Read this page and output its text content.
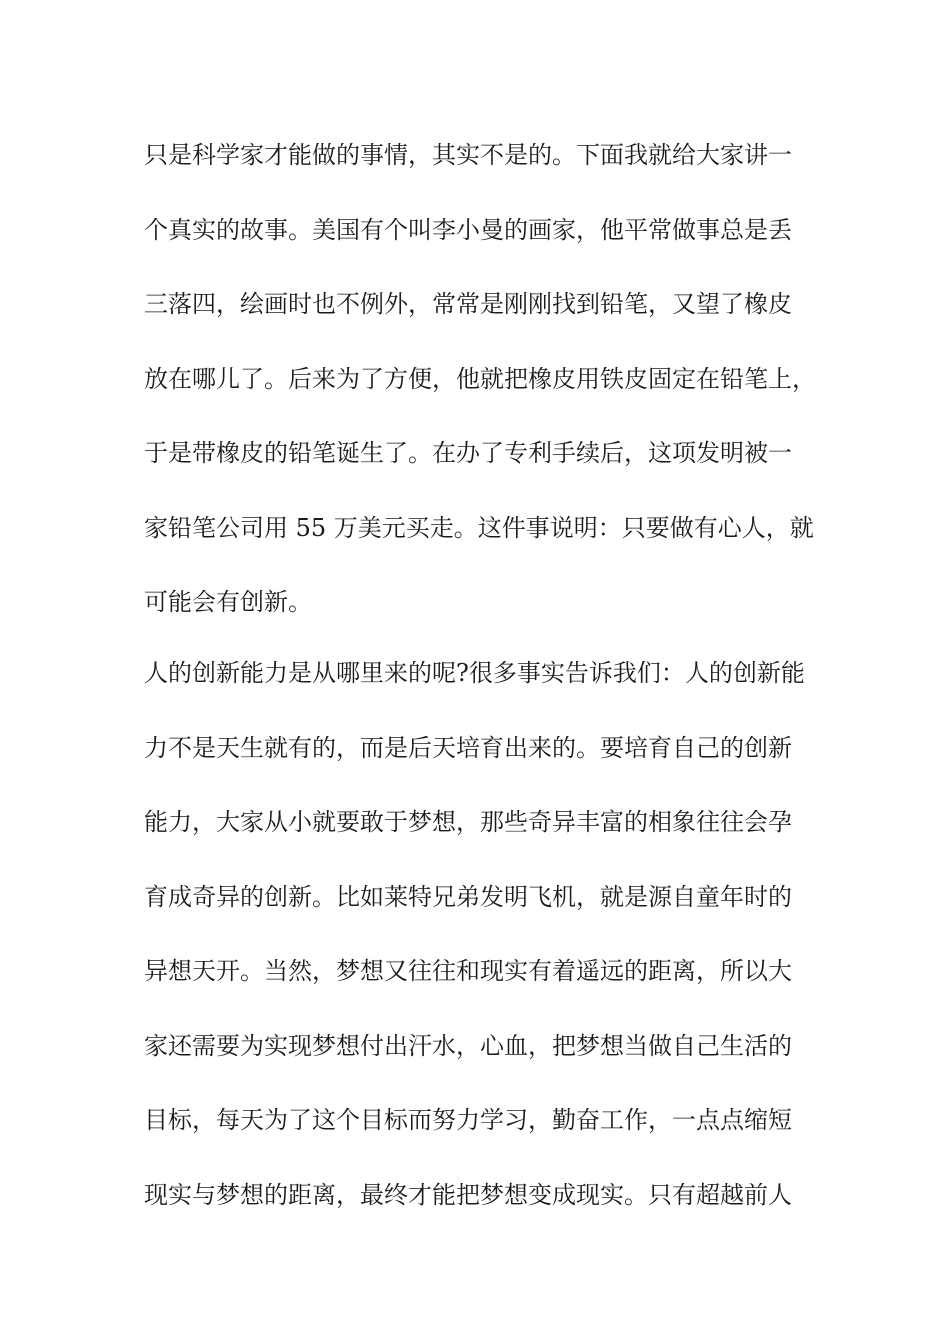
只是科学家才能做的事情，其实不是的。下面我就给大家讲一
个真实的故事。美国有个叫李小曼的画家，他平常做事总是丢
三落四，绘画时也不例外，常常是刚刚找到铅笔，又望了橡皮
放在哪儿了。后来为了方便，他就把橡皮用铁皮固定在铅笔上，
于是带橡皮的铅笔诞生了。在办了专利手续后，这项发明被一
家铅笔公司用 55 万美元买走。这件事说明：只要做有心人，就
可能会有创新。
人的创新能力是从哪里来的呢?很多事实告诉我们：人的创新能
力不是天生就有的，而是后天培育出来的。要培育自己的创新
能力，大家从小就要敢于梦想，那些奇异丰富的相象往往会孕
育成奇异的创新。比如莱特兄弟发明飞机，就是源自童年时的
异想天开。当然，梦想又往往和现实有着遥远的距离，所以大
家还需要为实现梦想付出汗水，心血，把梦想当做自己生活的
目标，每天为了这个目标而努力学习，勤奋工作，一点点缩短
现实与梦想的距离，最终才能把梦想变成现实。只有超越前人
